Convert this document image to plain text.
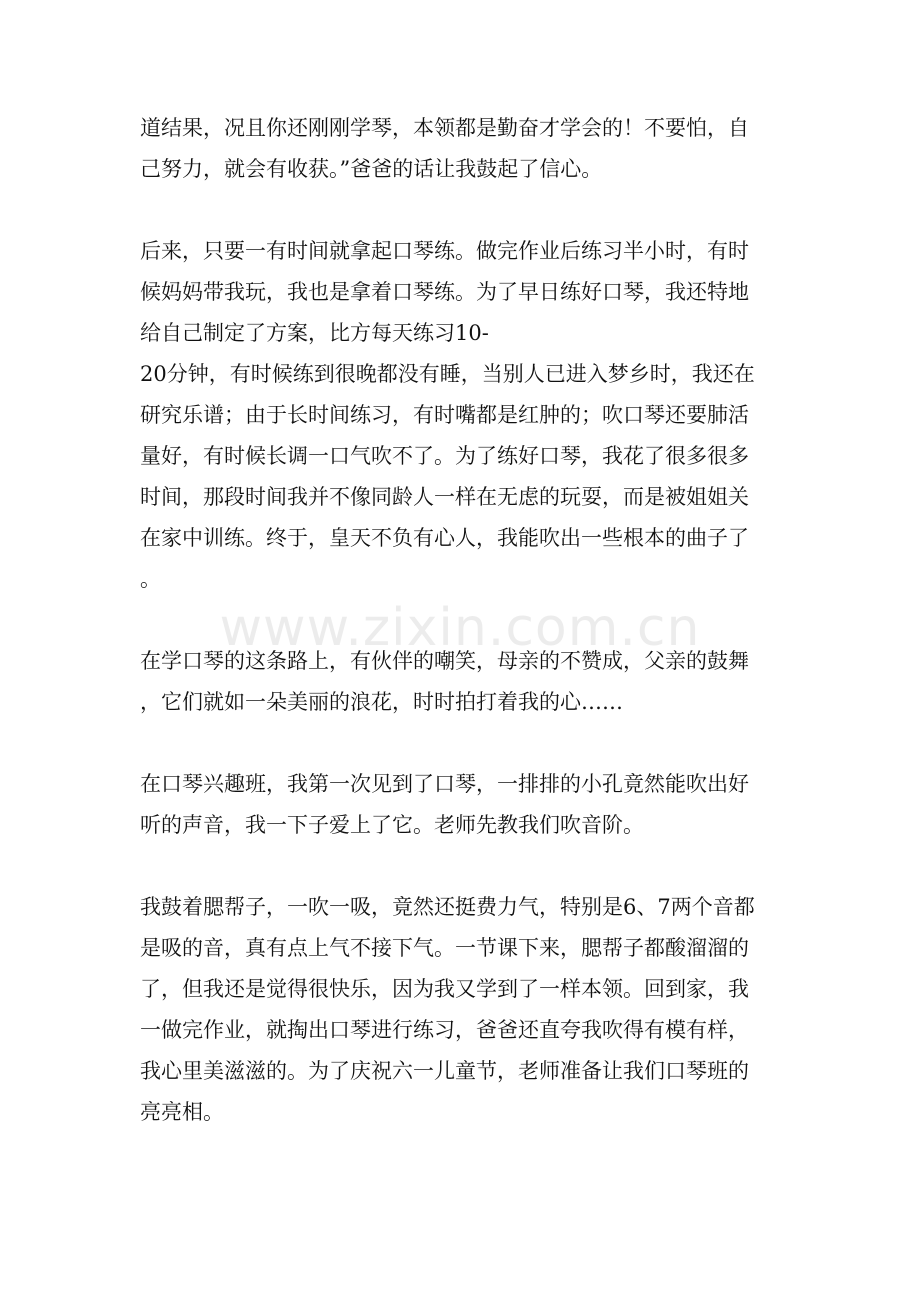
道结果，况且你还刚刚学琴，本领都是勤奋才学会的！不要怕，自
己努力，就会有收获。”爸爸的话让我鼓起了信心。

后来，只要一有时间就拿起口琴练。做完作业后练习半小时，有时
候妈妈带我玩，我也是拿着口琴练。为了早日练好口琴，我还特地
给自己制定了方案，比方每天练习10-
20分钟，有时候练到很晚都没有睡，当别人已进入梦乡时，我还在
研究乐谱；由于长时间练习，有时嘴都是红肿的；吹口琴还要肺活
量好，有时候长调一口气吹不了。为了练好口琴，我花了很多很多
时间，那段时间我并不像同龄人一样在无虑的玩耍，而是被姐姐关
在家中训练。终于，皇天不负有心人，我能吹出一些根本的曲子了
。

在学口琴的这条路上，有伙伴的嘲笑，母亲的不赞成，父亲的鼓舞
，它们就如一朵美丽的浪花，时时拍打着我的心……

在口琴兴趣班，我第一次见到了口琴，一排排的小孔竟然能吹出好
听的声音，我一下子爱上了它。老师先教我们吹音阶。

我鼓着腮帮子，一吹一吸，竟然还挺费力气，特别是6、7两个音都
是吸的音，真有点上气不接下气。一节课下来，腮帮子都酸溜溜的
了，但我还是觉得很快乐，因为我又学到了一样本领。回到家，我
一做完作业，就掏出口琴进行练习，爸爸还直夸我吹得有模有样，
我心里美滋滋的。为了庆祝六一儿童节，老师准备让我们口琴班的
亮亮相。

www.zixin.com.cn
